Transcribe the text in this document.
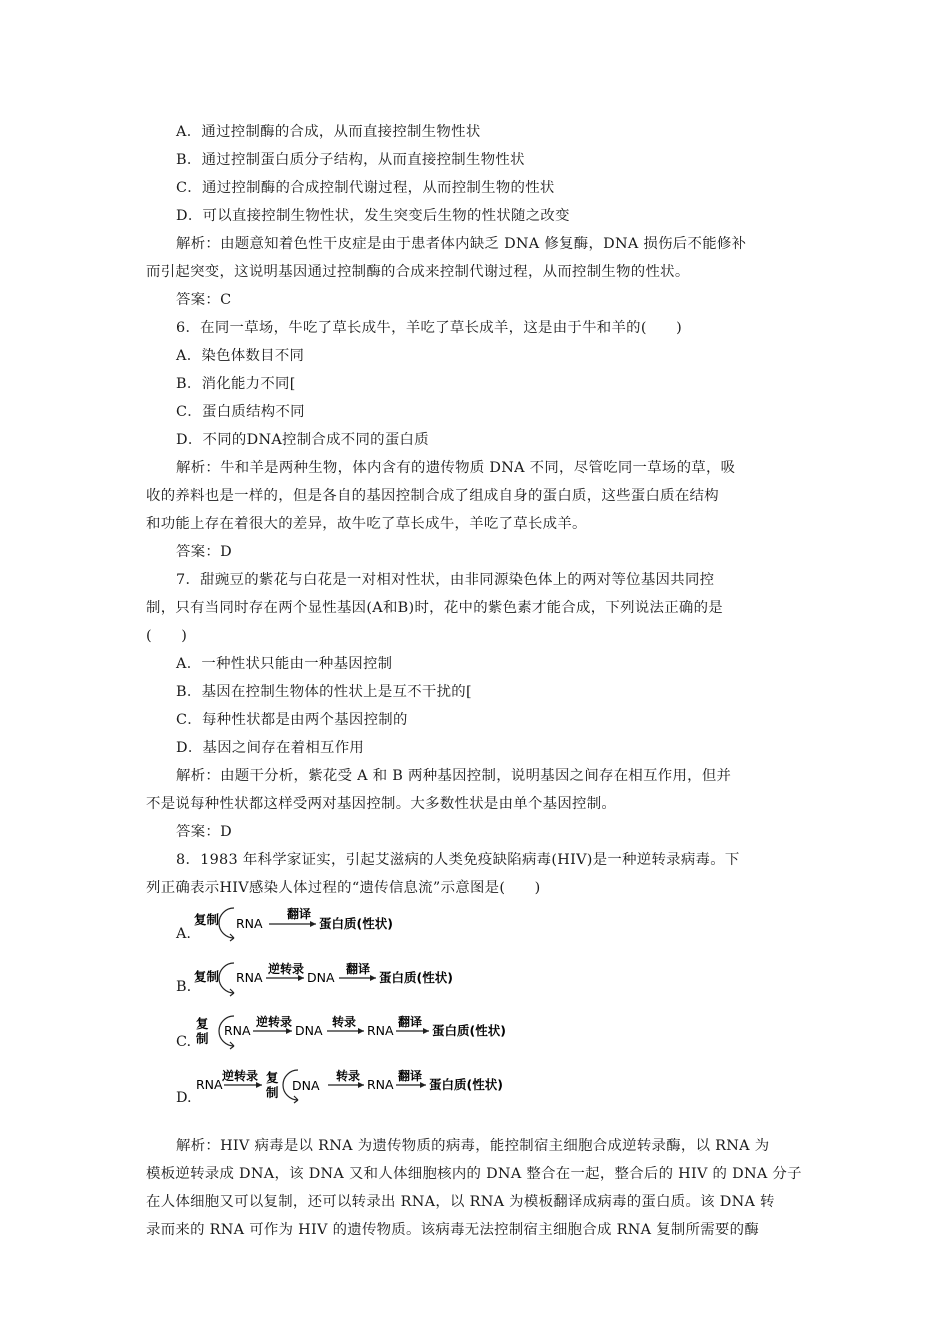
A．通过控制酶的合成，从而直接控制生物性状
B．通过控制蛋白质分子结构，从而直接控制生物性状
C．通过控制酶的合成控制代谢过程，从而控制生物的性状
D．可以直接控制生物性状，发生突变后生物的性状随之改变
解析：由题意知着色性干皮症是由于患者体内缺乏 DNA 修复酶，DNA 损伤后不能修补
而引起突变，这说明基因通过控制酶的合成来控制代谢过程，从而控制生物的性状。
答案：C
6．在同一草场，牛吃了草长成牛，羊吃了草长成羊，这是由于牛和羊的(　　)
A．染色体数目不同
B．消化能力不同[
C．蛋白质结构不同
D．不同的DNA控制合成不同的蛋白质
解析：牛和羊是两种生物，体内含有的遗传物质 DNA 不同，尽管吃同一草场的草，吸
收的养料也是一样的，但是各自的基因控制合成了组成自身的蛋白质，这些蛋白质在结构
和功能上存在着很大的差异，故牛吃了草长成牛，羊吃了草长成羊。
答案：D
7．甜豌豆的紫花与白花是一对相对性状，由非同源染色体上的两对等位基因共同控
制，只有当同时存在两个显性基因(A和B)时，花中的紫色素才能合成，下列说法正确的是
(　　)
A．一种性状只能由一种基因控制
B．基因在控制生物体的性状上是互不干扰的[
C．每种性状都是由两个基因控制的
D．基因之间存在着相互作用
解析：由题干分析，紫花受 A 和 B 两种基因控制，说明基因之间存在相互作用，但并
不是说每种性状都这样受两对基因控制。大多数性状是由单个基因控制。
答案：D
8．1983 年科学家证实，引起艾滋病的人类免疫缺陷病毒(HIV)是一种逆转录病毒。下
列正确表示HIV感染人体过程的“遗传信息流”示意图是(　　)
A.
复制 RNA
翻译
蛋白质(性状)
B.
复制 RNA
逆转录
DNA
翻译
蛋白质(性状)
C.
复
制
RNA
逆转录
DNA
转录
RNA
翻译
蛋白质(性状)
D.
RNA
逆转录 复
制 DNA
转录
RNA
翻译
蛋白质(性状)
解析：HIV 病毒是以 RNA 为遗传物质的病毒，能控制宿主细胞合成逆转录酶，以 RNA 为
模板逆转录成 DNA，该 DNA 又和人体细胞核内的 DNA 整合在一起，整合后的 HIV 的 DNA 分子
在人体细胞又可以复制，还可以转录出 RNA，以 RNA 为模板翻译成病毒的蛋白质。该 DNA 转
录而来的 RNA 可作为 HIV 的遗传物质。该病毒无法控制宿主细胞合成 RNA 复制所需要的酶
